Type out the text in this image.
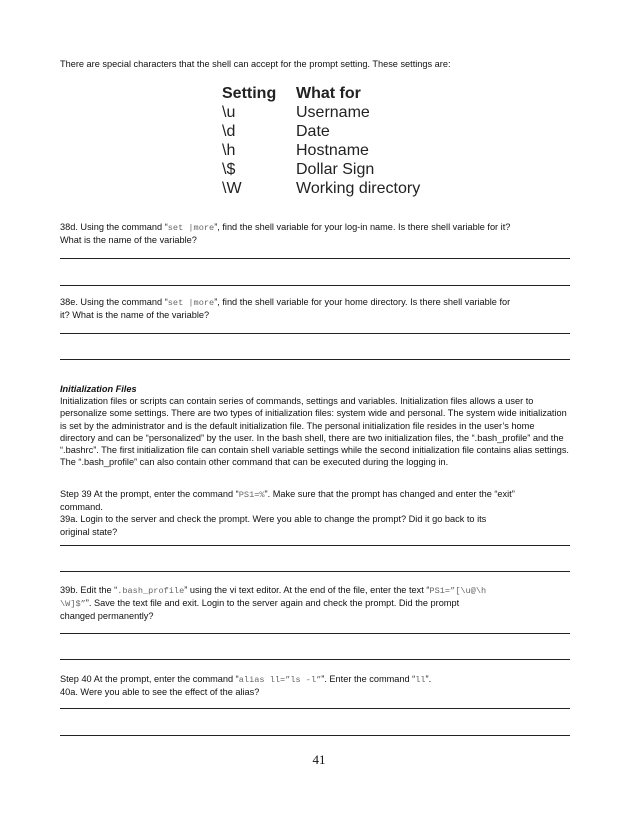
There are special characters that the shell can accept for the prompt setting. These settings are:

Setting	What for
\u	Username
\d	Date
\h	Hostname
\$	Dollar Sign
\W	Working directory

38d. Using the command “set |more”, find the shell variable for your log-in name. Is there shell variable for it?
What is the name of the variable?

38e. Using the command “set |more”, find the shell variable for your home directory. Is there shell variable for
it? What is the name of the variable?

Initialization Files
Initialization files or scripts can contain series of commands, settings and variables. Initialization files allows a user to personalize some settings. There are two types of initialization files: system wide and personal. The system wide initialization is set by the administrator and is the default initialization file. The personal initialization file resides in the user’s home directory and can be “personalized” by the user. In the bash shell, there are two initialization files, the “.bash_profile” and the “.bashrc”. The first initialization file can contain shell variable settings while the second initialization file contains alias settings. The “.bash_profile” can also contain other command that can be executed during the logging in.

Step 39 At the prompt, enter the command “PS1=%”. Make sure that the prompt has changed and enter the “exit”
command.
39a. Login to the server and check the prompt. Were you able to change the prompt? Did it go back to its
original state?

39b. Edit the “.bash_profile” using the vi text editor. At the end of the file, enter the text “PS1=”[\u@\h
\W]$””. Save the text file and exit. Login to the server again and check the prompt. Did the prompt
changed permanently?

Step 40 At the prompt, enter the command “alias ll=”ls -l””. Enter the command “ll”.
40a. Were you able to see the effect of the alias?

41
